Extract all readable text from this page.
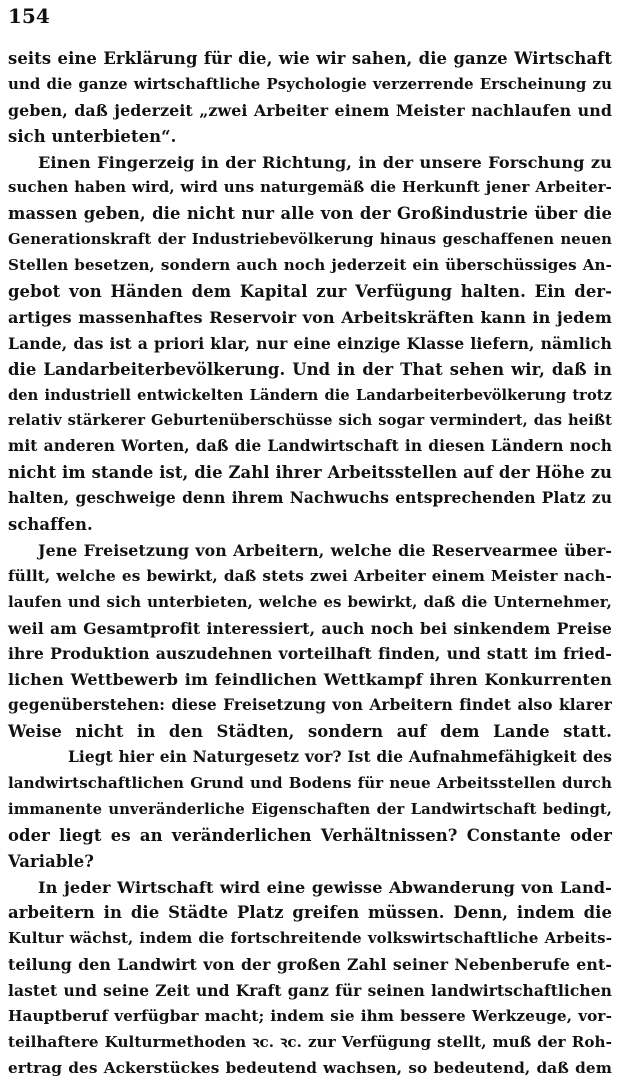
154
seits eine Erklärung für die, wie wir sahen, die ganze Wirtschaft
und die ganze wirtschaftliche Psychologie verzerrende Erscheinung zu
geben, daß jederzeit „zwei Arbeiter einem Meister nachlaufen und
sich unterbieten“.
Einen Fingerzeig in der Richtung, in der unsere Forschung zu
suchen haben wird, wird uns naturgemäß die Herkunft jener Arbeiter-
massen geben, die nicht nur alle von der Großindustrie über die
Generationskraft der Industriebevölkerung hinaus geschaffenen neuen
Stellen besetzen, sondern auch noch jederzeit ein überschüssiges An-
gebot von Händen dem Kapital zur Verfügung halten. Ein der-
artiges massenhaftes Reservoir von Arbeitskräften kann in jedem
Lande, das ist a priori klar, nur eine einzige Klasse liefern, nämlich
die Landarbeiterbevölkerung. Und in der That sehen wir, daß in
den industriell entwickelten Ländern die Landarbeiterbevölkerung trotz
relativ stärkerer Geburtenüberschüsse sich sogar vermindert, das heißt
mit anderen Worten, daß die Landwirtschaft in diesen Ländern noch
nicht im stande ist, die Zahl ihrer Arbeitsstellen auf der Höhe zu
halten, geschweige denn ihrem Nachwuchs entsprechenden Platz zu
schaffen.
Jene Freisetzung von Arbeitern, welche die Reservearmee über-
füllt, welche es bewirkt, daß stets zwei Arbeiter einem Meister nach-
laufen und sich unterbieten, welche es bewirkt, daß die Unternehmer,
weil am Gesamtprofit interessiert, auch noch bei sinkendem Preise
ihre Produktion auszudehnen vorteilhaft finden, und statt im fried-
lichen Wettbewerb im feindlichen Wettkampf ihren Konkurrenten
gegenüberstehen: diese Freisetzung von Arbeitern findet also klarer
Weise nicht in den Städten, sondern auf dem Lande statt.
Liegt hier ein Naturgesetz vor? Ist die Aufnahmefähigkeit des
landwirtschaftlichen Grund und Bodens für neue Arbeitsstellen durch
immanente unveränderliche Eigenschaften der Landwirtschaft bedingt,
oder liegt es an veränderlichen Verhältnissen? Constante oder
Variable?
In jeder Wirtschaft wird eine gewisse Abwanderung von Land-
arbeitern in die Städte Platz greifen müssen. Denn, indem die
Kultur wächst, indem die fortschreitende volkswirtschaftliche Arbeits-
teilung den Landwirt von der großen Zahl seiner Nebenberufe ent-
lastet und seine Zeit und Kraft ganz für seinen landwirtschaftlichen
Hauptberuf verfügbar macht; indem sie ihm bessere Werkzeuge, vor-
teilhaftere Kulturmethoden ꝛc. ꝛc. zur Verfügung stellt, muß der Roh-
ertrag des Ackerstückes bedeutend wachsen, so bedeutend, daß dem
